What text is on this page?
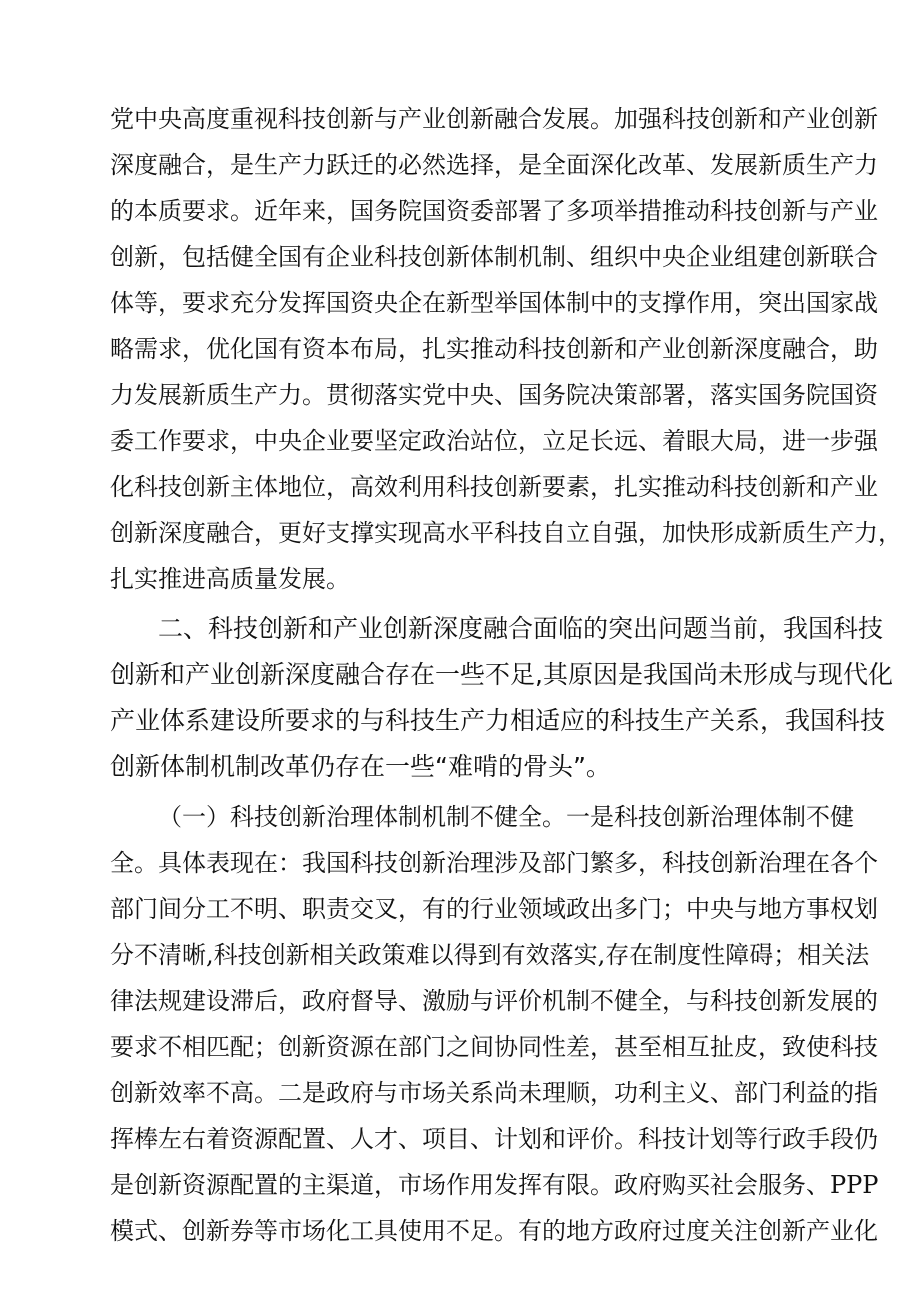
党中央高度重视科技创新与产业创新融合发展。加强科技创新和产业创新

深度融合，是生产力跃迁的必然选择，是全面深化改革、发展新质生产力

的本质要求。近年来，国务院国资委部署了多项举措推动科技创新与产业

创新，包括健全国有企业科技创新体制机制、组织中央企业组建创新联合

体等，要求充分发挥国资央企在新型举国体制中的支撑作用，突出国家战

略需求，优化国有资本布局，扎实推动科技创新和产业创新深度融合，助

力发展新质生产力。贯彻落实党中央、国务院决策部署，落实国务院国资

委工作要求，中央企业要坚定政治站位，立足长远、着眼大局，进一步强

化科技创新主体地位，高效利用科技创新要素，扎实推动科技创新和产业

创新深度融合，更好支撑实现高水平科技自立自强，加快形成新质生产力，

扎实推进高质量发展。

二、科技创新和产业创新深度融合面临的突出问题当前，我国科技

创新和产业创新深度融合存在一些不足,其原因是我国尚未形成与现代化

产业体系建设所要求的与科技生产力相适应的科技生产关系，我国科技

创新体制机制改革仍存在一些“难啃的骨头”。

（一）科技创新治理体制机制不健全。一是科技创新治理体制不健

全。具体表现在：我国科技创新治理涉及部门繁多，科技创新治理在各个

部门间分工不明、职责交叉，有的行业领域政出多门；中央与地方事权划

分不清晰,科技创新相关政策难以得到有效落实,存在制度性障碍；相关法

律法规建设滞后，政府督导、激励与评价机制不健全，与科技创新发展的

要求不相匹配；创新资源在部门之间协同性差，甚至相互扯皮，致使科技

创新效率不高。二是政府与市场关系尚未理顺，功利主义、部门利益的指

挥棒左右着资源配置、人才、项目、计划和评价。科技计划等行政手段仍

是创新资源配置的主渠道，市场作用发挥有限。政府购买社会服务、PPP

模式、创新券等市场化工具使用不足。有的地方政府过度关注创新产业化
